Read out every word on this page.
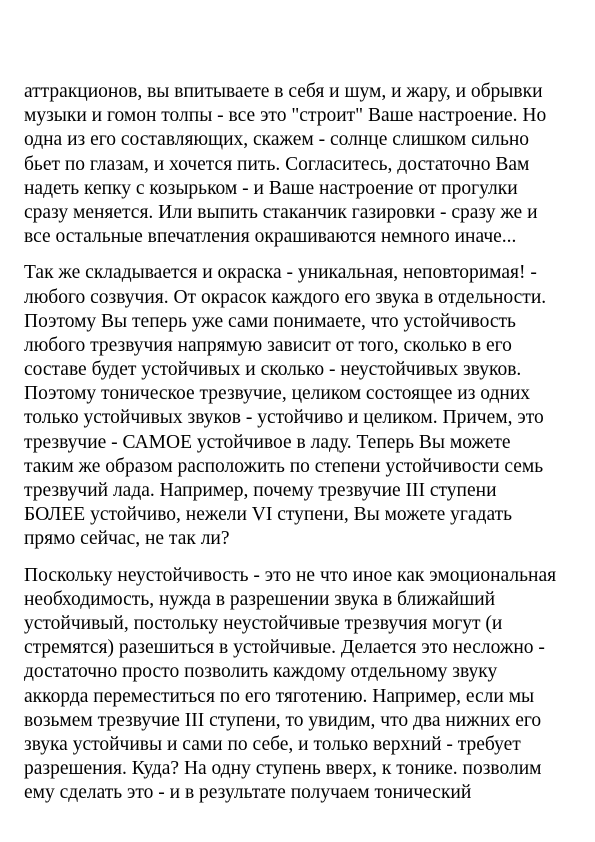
аттракционов, вы впитываете в себя и шум, и жару, и обрывки
музыки и гомон толпы - все это "строит" Ваше настроение. Но
одна из его составляющих, скажем - солнце слишком сильно
бьет по глазам, и хочется пить. Согласитесь, достаточно Вам
надеть кепку с козырьком - и Ваше настроение от прогулки
сразу меняется. Или выпить стаканчик газировки - сразу же и
все остальные впечатления окрашиваются немного иначе...

Так же складывается и окраска - уникальная, неповторимая! -
любого созвучия. От окрасок каждого его звука в отдельности.
Поэтому Вы теперь уже сами понимаете, что устойчивость
любого трезвучия напрямую зависит от того, сколько в его
составе будет устойчивых и сколько - неустойчивых звуков.
Поэтому тоническое трезвучие, целиком состоящее из одних
только устойчивых звуков - устойчиво и целиком. Причем, это
трезвучие - САМОЕ устойчивое в ладу. Теперь Вы можете
таким же образом расположить по степени устойчивости семь
трезвучий лада. Например, почему трезвучие III ступени
БОЛЕЕ устойчиво, нежели VI ступени, Вы можете угадать
прямо сейчас, не так ли?

Поскольку неустойчивость - это не что иное как эмоциональная
необходимость, нужда в разрешении звука в ближайший
устойчивый, постольку неустойчивые трезвучия могут (и
стремятся) разешиться в устойчивые. Делается это несложно -
достаточно просто позволить каждому отдельному звуку
аккорда переместиться по его тяготению. Например, если мы
возьмем трезвучие III ступени, то увидим, что два нижних его
звука устойчивы и сами по себе, и только верхний - требует
разрешения. Куда? На одну ступень вверх, к тонике. позволим
ему сделать это - и в результате получаем тонический
